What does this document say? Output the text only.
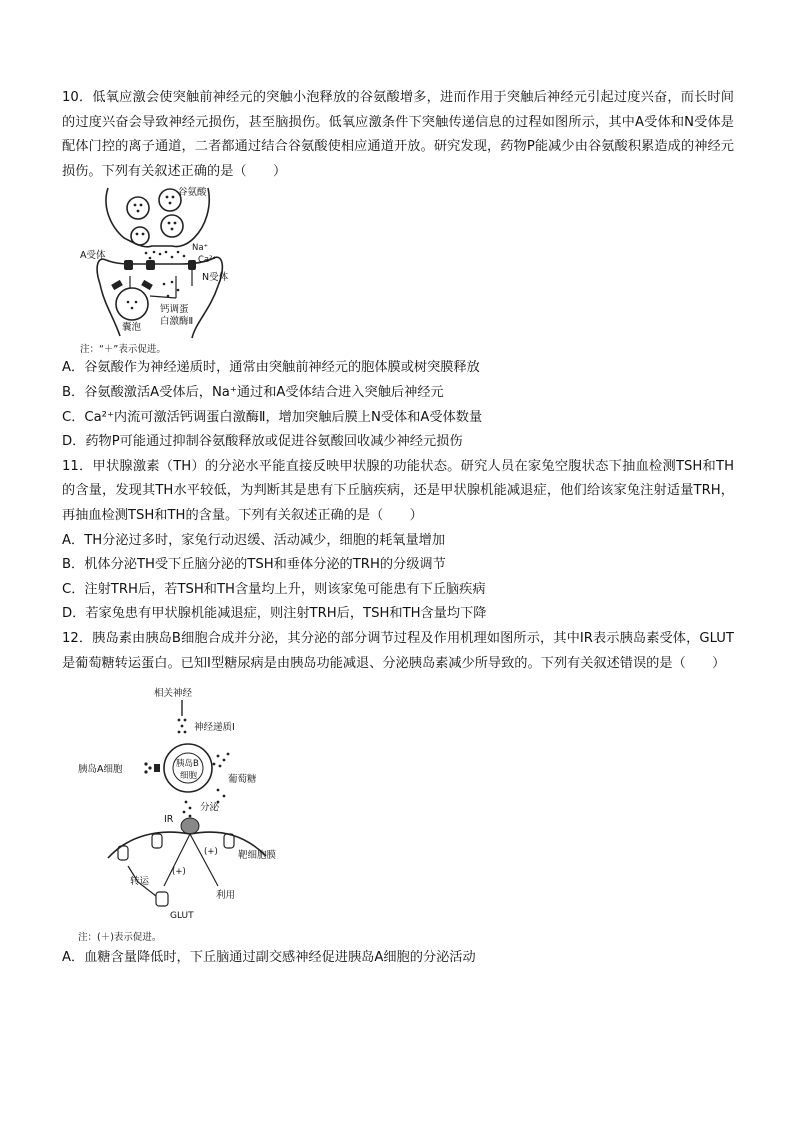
10．低氧应激会使突触前神经元的突触小泡释放的谷氨酸增多，进而作用于突触后神经元引起过度兴奋，而长时间的过度兴奋会导致神经元损伤，甚至脑损伤。低氧应激条件下突触传递信息的过程如图所示，其中A受体和N受体是配体门控的离子通道，二者都通过结合谷氨酸使相应通道开放。研究发现，药物P能减少由谷氨酸积累造成的神经元损伤。下列有关叙述正确的是（　　）

谷氨酸
Na⁺
Ca²⁺
A受体
N受体
钙调蛋
白激酶Ⅱ
囊泡
注：“＋”表示促进。

A．谷氨酸作为神经递质时，通常由突触前神经元的胞体膜或树突膜释放

B．谷氨酸激活A受体后，Na⁺通过和A受体结合进入突触后神经元

C．Ca²⁺内流可激活钙调蛋白激酶Ⅱ，增加突触后膜上N受体和A受体数量

D．药物P可能通过抑制谷氨酸释放或促进谷氨酸回收减少神经元损伤

11．甲状腺激素（TH）的分泌水平能直接反映甲状腺的功能状态。研究人员在家兔空腹状态下抽血检测TSH和TH的含量，发现其TH水平较低，为判断其是患有下丘脑疾病，还是甲状腺机能减退症，他们给该家兔注射适量TRH，再抽血检测TSH和TH的含量。下列有关叙述正确的是（　　）

A．TH分泌过多时，家兔行动迟缓、活动减少，细胞的耗氧量增加

B．机体分泌TH受下丘脑分泌的TSH和垂体分泌的TRH的分级调节

C．注射TRH后，若TSH和TH含量均上升，则该家兔可能患有下丘脑疾病

D．若家兔患有甲状腺机能减退症，则注射TRH后，TSH和TH含量均下降

12．胰岛素由胰岛B细胞合成并分泌，其分泌的部分调节过程及作用机理如图所示，其中IR表示胰岛素受体，GLUT是葡萄糖转运蛋白。已知Ⅰ型糖尿病是由胰岛功能减退、分泌胰岛素减少所导致的。下列有关叙述错误的是（　　）

相关神经
神经递质Ⅰ
胰岛A细胞	胰岛B
细胞	葡萄糖
IR
分泌
(+)
(+) 靶细胞膜
转运
利用
GLUT
注：(＋)表示促进。

A．血糖含量降低时，下丘脑通过副交感神经促进胰岛A细胞的分泌活动
